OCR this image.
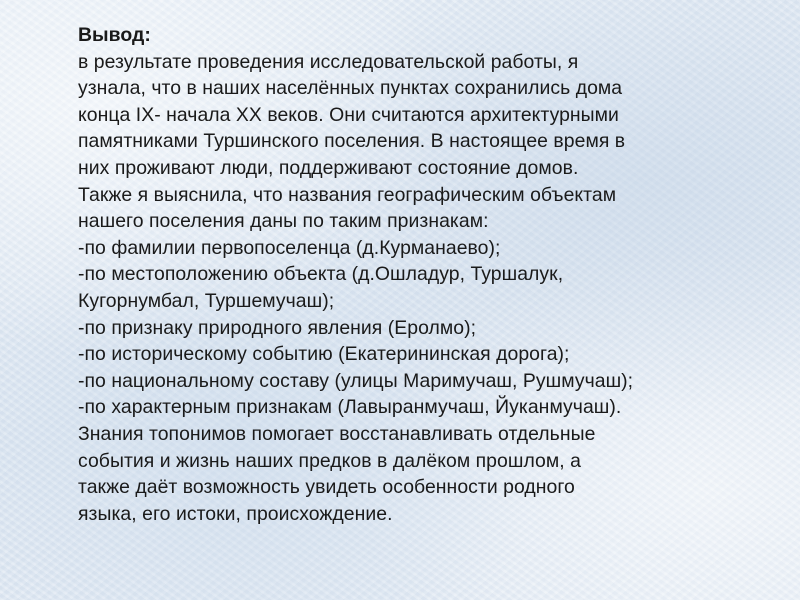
Вывод:

в результате проведения исследовательской работы, я

узнала, что в наших населённых пунктах сохранились дома

конца IX- начала ХХ веков. Они считаются архитектурными

памятниками Туршинского поселения. В настоящее время в

них проживают люди, поддерживают состояние домов.

Также я выяснила, что названия географическим объектам

нашего поселения даны по таким признакам:

-по фамилии первопоселенца (д.Курманаево);

-по местоположению объекта (д.Ошладур, Туршалук,

Кугорнумбал, Туршемучаш);

-по признаку природного явления (Еролмо);

-по историческому событию (Екатерининская дорога);

-по национальному составу (улицы Маримучаш, Рушмучаш);

-по характерным признакам (Лавыранмучаш, Йуканмучаш).

Знания топонимов помогает восстанавливать отдельные

события и жизнь наших предков в далёком прошлом, а

также даёт возможность увидеть особенности родного

языка, его истоки, происхождение.
